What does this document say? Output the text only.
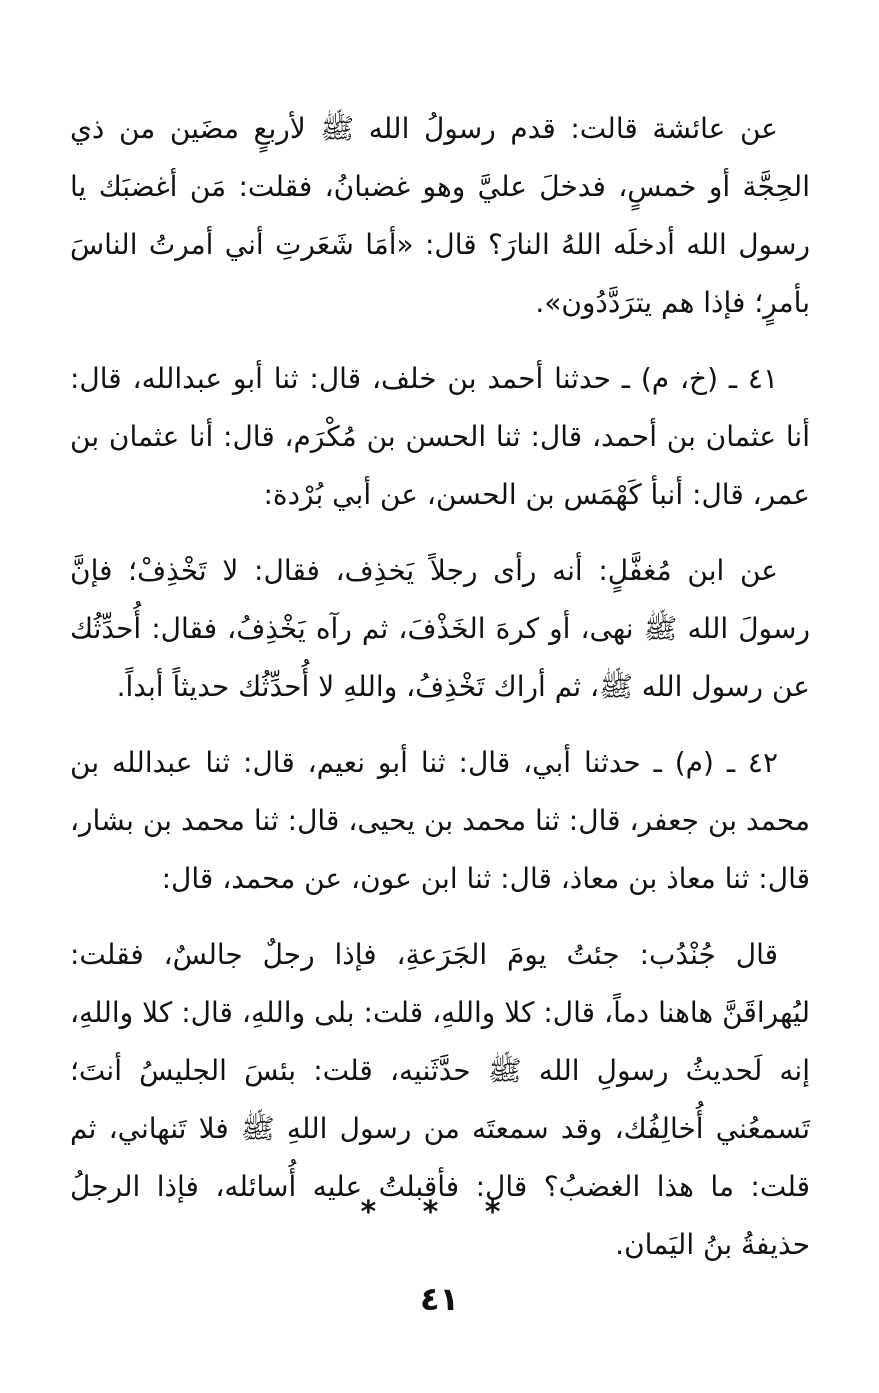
عن عائشة قالت: قدم رسولُ الله ﷺ لأربعٍ مضَين من ذي الحِجَّة أو خمسٍ، فدخلَ عليَّ وهو غضبانُ، فقلت: مَن أغضبَك يا رسول الله أدخلَه اللهُ النارَ؟ قال: «أمَا شَعَرتِ أني أمرتُ الناسَ بأمرٍ؛ فإذا هم يترَدَّدُون».

٤١ ـ (خ، م) ـ حدثنا أحمد بن خلف، قال: ثنا أبو عبدالله، قال: أنا عثمان بن أحمد، قال: ثنا الحسن بن مُكْرَم، قال: أنا عثمان بن عمر، قال: أنبأ كَهْمَس بن الحسن، عن أبي بُرْدة:

عن ابن مُغفَّلٍ: أنه رأى رجلاً يَخذِف، فقال: لا تَخْذِفْ؛ فإنَّ رسولَ الله ﷺ نهى، أو كرهَ الخَذْفَ، ثم رآه يَخْذِفُ، فقال: أُحدِّثُك عن رسول الله ﷺ، ثم أراك تَخْذِفُ، واللهِ لا أُحدِّثُك حديثاً أبداً.

٤٢ ـ (م) ـ حدثنا أبي، قال: ثنا أبو نعيم، قال: ثنا عبدالله بن محمد بن جعفر، قال: ثنا محمد بن يحيى، قال: ثنا محمد بن بشار، قال: ثنا معاذ بن معاذ، قال: ثنا ابن عون، عن محمد، قال:

قال جُنْدُب: جئتُ يومَ الجَرَعةِ، فإذا رجلٌ جالسٌ، فقلت: ليُهراقَنَّ هاهنا دماً، قال: كلا واللهِ، قلت: بلى واللهِ، قال: كلا واللهِ، إنه لَحديثُ رسولِ الله ﷺ حدَّثَنيه، قلت: بئسَ الجليسُ أنتَ؛ تَسمعُني أُخالِفُك، وقد سمعتَه من رسول اللهِ ﷺ فلا تَنهاني، ثم قلت: ما هذا الغضبُ؟ قال: فأقبلتُ عليه أُسائله، فإذا الرجلُ حذيفةُ بنُ اليَمان.

* * *
٤١
